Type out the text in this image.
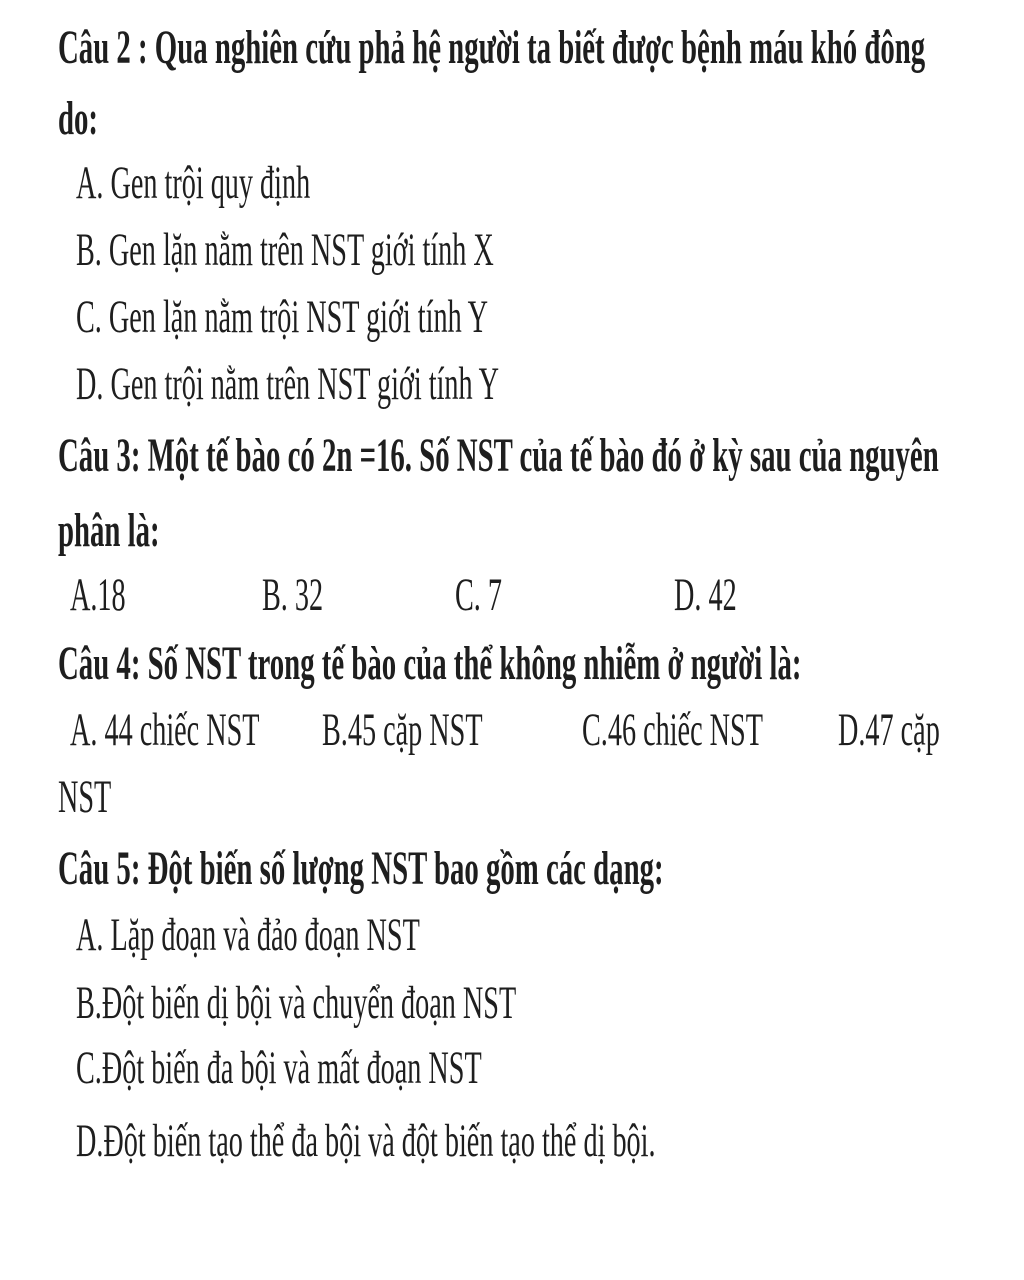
Câu 2 : Qua nghiên cứu phả hệ người ta biết được bệnh máu khó đông
do:
A. Gen trội quy định
B. Gen lặn nằm trên NST giới tính X
C. Gen lặn nằm trội NST giới tính Y
D. Gen trội nằm trên NST giới tính Y
Câu 3: Một tế bào có 2n =16. Số NST của tế bào đó ở kỳ sau của nguyên
phân là:
A.18	B. 32	C. 7	D. 42
Câu 4: Số NST trong tế bào của thể không nhiễm ở người là:
A. 44 chiếc NST B.45 cặp NST C.46 chiếc NST D.47 cặp
NST
Câu 5: Đột biến số lượng NST bao gồm các dạng:
A. Lặp đoạn và đảo đoạn NST
B.Đột biến dị bội và chuyển đoạn NST
C.Đột biến đa bội và mất đoạn NST
D.Đột biến tạo thể đa bội và đột biến tạo thể dị bội.
